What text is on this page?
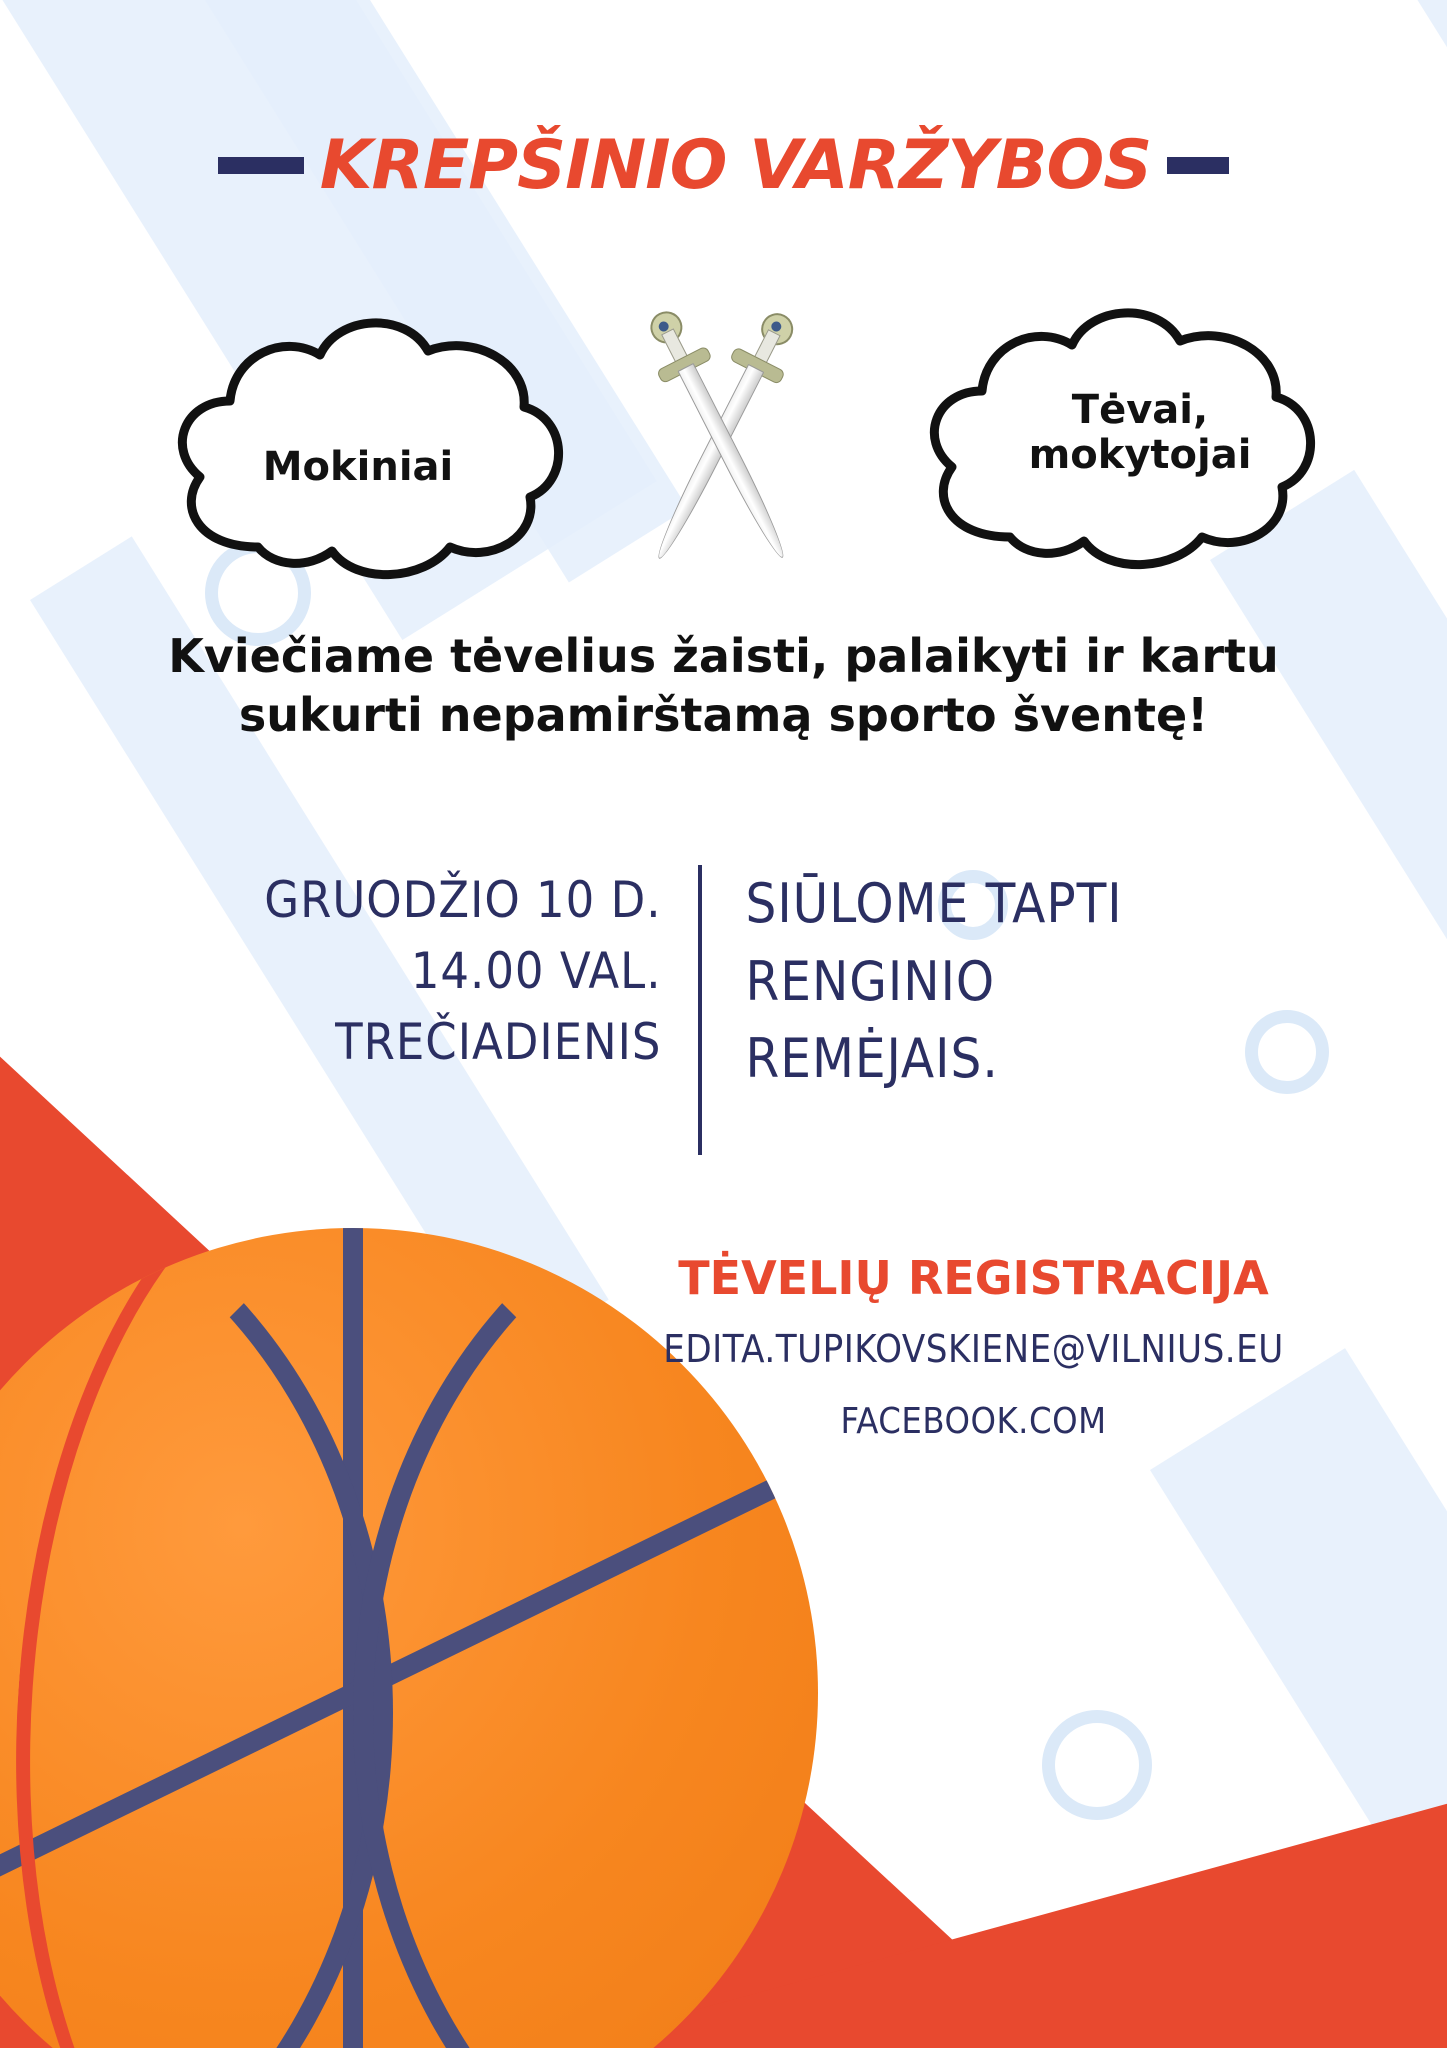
KREPŠINIO VARŽYBOS
Mokiniai
Tėvai,
mokytojai
Kviečiame tėvelius žaisti, palaikyti ir kartu
sukurti nepamirštamą sporto šventę!
GRUODŽIO 10 D.
14.00 VAL.
TREČIADIENIS
SIŪLOME TAPTI
RENGINIO
REMĖJAIS.
TĖVELIŲ REGISTRACIJA
EDITA.TUPIKOVSKIENE@VILNIUS.EU
FACEBOOK.COM
